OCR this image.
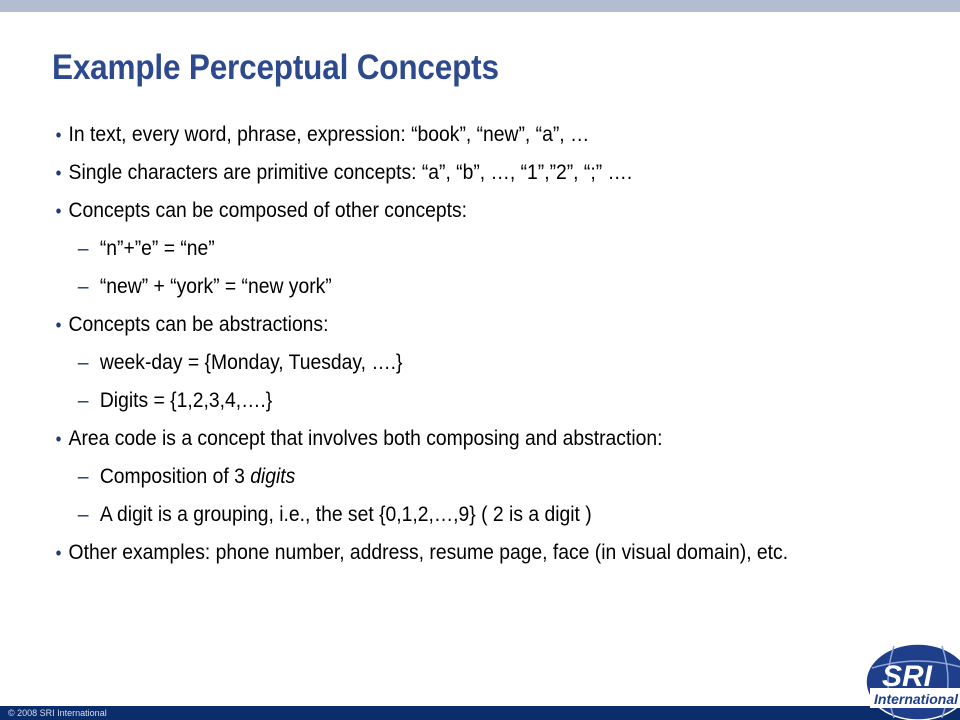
Example Perceptual Concepts
• In text, every word, phrase, expression: “book”, “new”, “a”, …
• Single characters are primitive concepts: “a”, “b”, …, “1”,”2”, “;” ….
• Concepts can be composed of other concepts:
– “n”+”e” = “ne”
– “new” + “york” = “new york”
• Concepts can be abstractions:
– week-day = {Monday, Tuesday, ….}
– Digits = {1,2,3,4,….}
• Area code is a concept that involves both composing and abstraction:
– Composition of 3 digits
– A digit is a grouping, i.e., the set {0,1,2,…,9} ( 2 is a digit )
• Other examples: phone number, address, resume page, face (in visual domain), etc.
© 2008 SRI International
SRI
International
